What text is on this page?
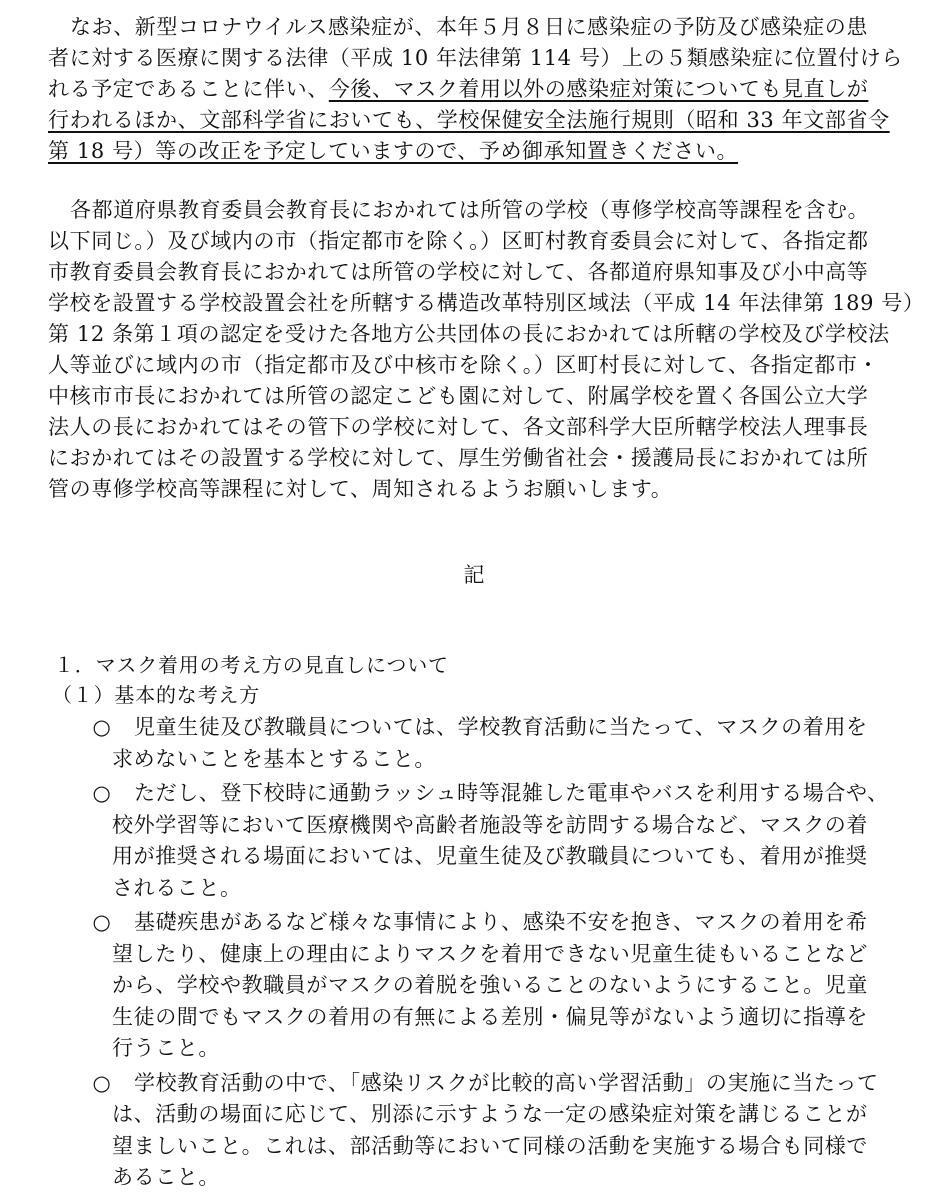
なお、新型コロナウイルス感染症が、本年５月８日に感染症の予防及び感染症の患
者に対する医療に関する法律（平成 10 年法律第 114 号）上の５類感染症に位置付けら
れる予定であることに伴い、今後、マスク着用以外の感染症対策についても見直しが
行われるほか、文部科学省においても、学校保健安全法施行規則（昭和 33 年文部省令
第 18 号）等の改正を予定していますので、予め御承知置きください。
各都道府県教育委員会教育長におかれては所管の学校（専修学校高等課程を含む。
以下同じ。）及び域内の市（指定都市を除く。）区町村教育委員会に対して、各指定都
市教育委員会教育長におかれては所管の学校に対して、各都道府県知事及び小中高等
学校を設置する学校設置会社を所轄する構造改革特別区域法（平成 14 年法律第 189 号）
第 12 条第１項の認定を受けた各地方公共団体の長におかれては所轄の学校及び学校法
人等並びに域内の市（指定都市及び中核市を除く。）区町村長に対して、各指定都市・
中核市市長におかれては所管の認定こども園に対して、附属学校を置く各国公立大学
法人の長におかれてはその管下の学校に対して、各文部科学大臣所轄学校法人理事長
におかれてはその設置する学校に対して、厚生労働省社会・援護局長におかれては所
管の専修学校高等課程に対して、周知されるようお願いします。
記
１．マスク着用の考え方の見直しについて
（１）基本的な考え方
○	児童生徒及び教職員については、学校教育活動に当たって、マスクの着用を
求めないことを基本とすること。
○	ただし、登下校時に通勤ラッシュ時等混雑した電車やバスを利用する場合や、
校外学習等において医療機関や高齢者施設等を訪問する場合など、マスクの着
用が推奨される場面においては、児童生徒及び教職員についても、着用が推奨
されること。
○	基礎疾患があるなど様々な事情により、感染不安を抱き、マスクの着用を希
望したり、健康上の理由によりマスクを着用できない児童生徒もいることなど
から、学校や教職員がマスクの着脱を強いることのないようにすること。児童
生徒の間でもマスクの着用の有無による差別・偏見等がないよう適切に指導を
行うこと。
○	学校教育活動の中で、「感染リスクが比較的高い学習活動」の実施に当たって
は、活動の場面に応じて、別添に示すような一定の感染症対策を講じることが
望ましいこと。これは、部活動等において同様の活動を実施する場合も同様で
あること。
